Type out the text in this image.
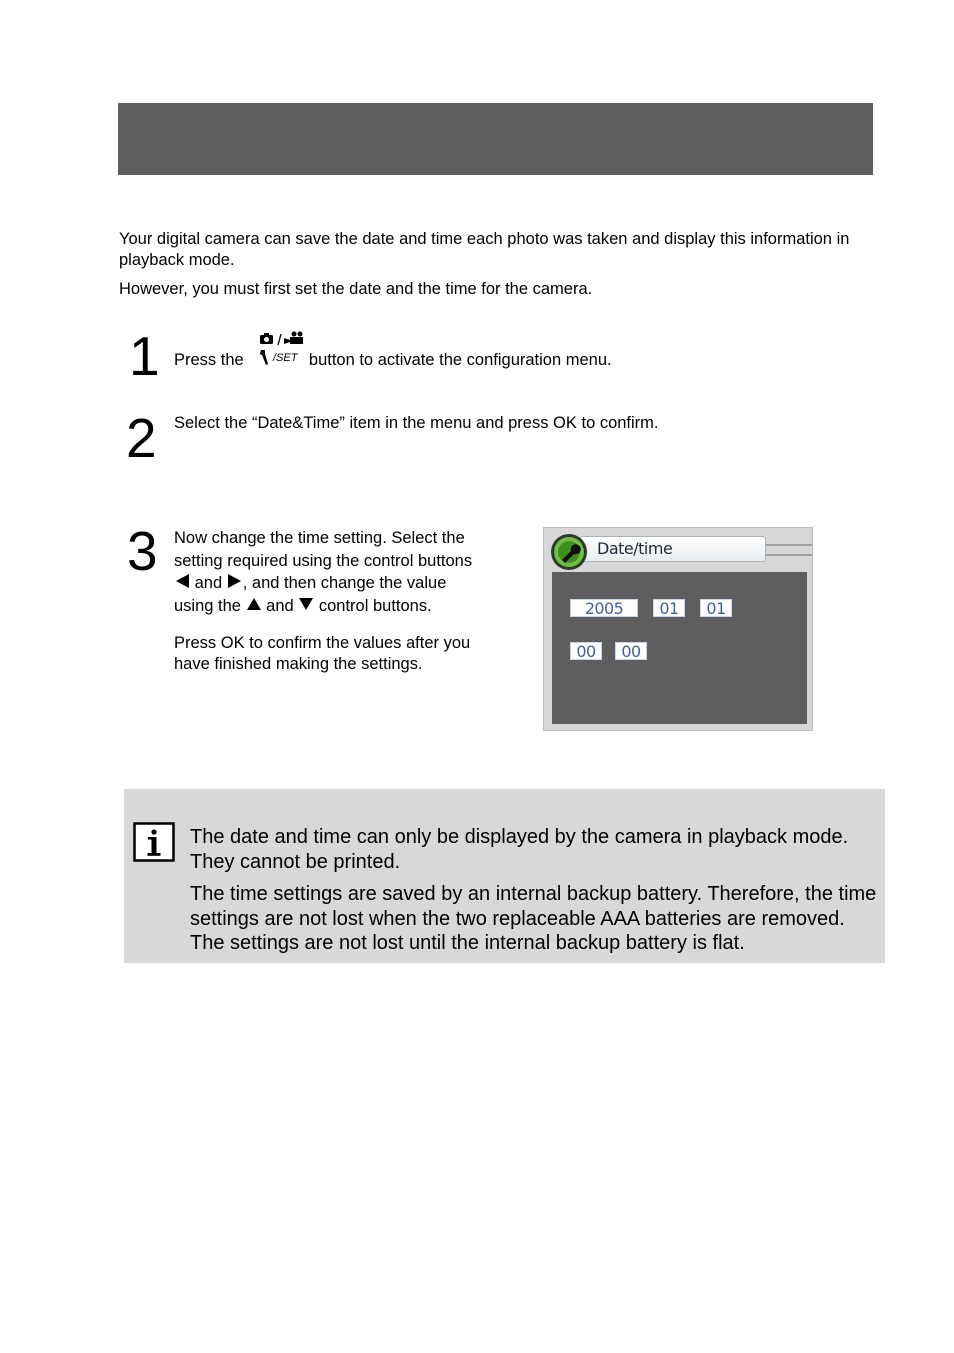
Your digital camera can save the date and time each photo was taken and display this information in playback mode.

However, you must first set the date and the time for the camera.

1 Press the	button to activate the configuration menu.
/SET
2 Select the “Date&Time” item in the menu and press OK to confirm.

3 Now change the time setting. Select the
setting required using the control buttons
and , and then change the value
using the and control buttons.
Press OK to confirm the values after you
have finished making the settings.
Date/time
2005	01	01
00	00

The date and time can only be displayed by the camera in playback mode. They cannot be printed.

The time settings are saved by an internal backup battery. Therefore, the time settings are not lost when the two replaceable AAA batteries are removed. The settings are not lost until the internal backup battery is flat.
